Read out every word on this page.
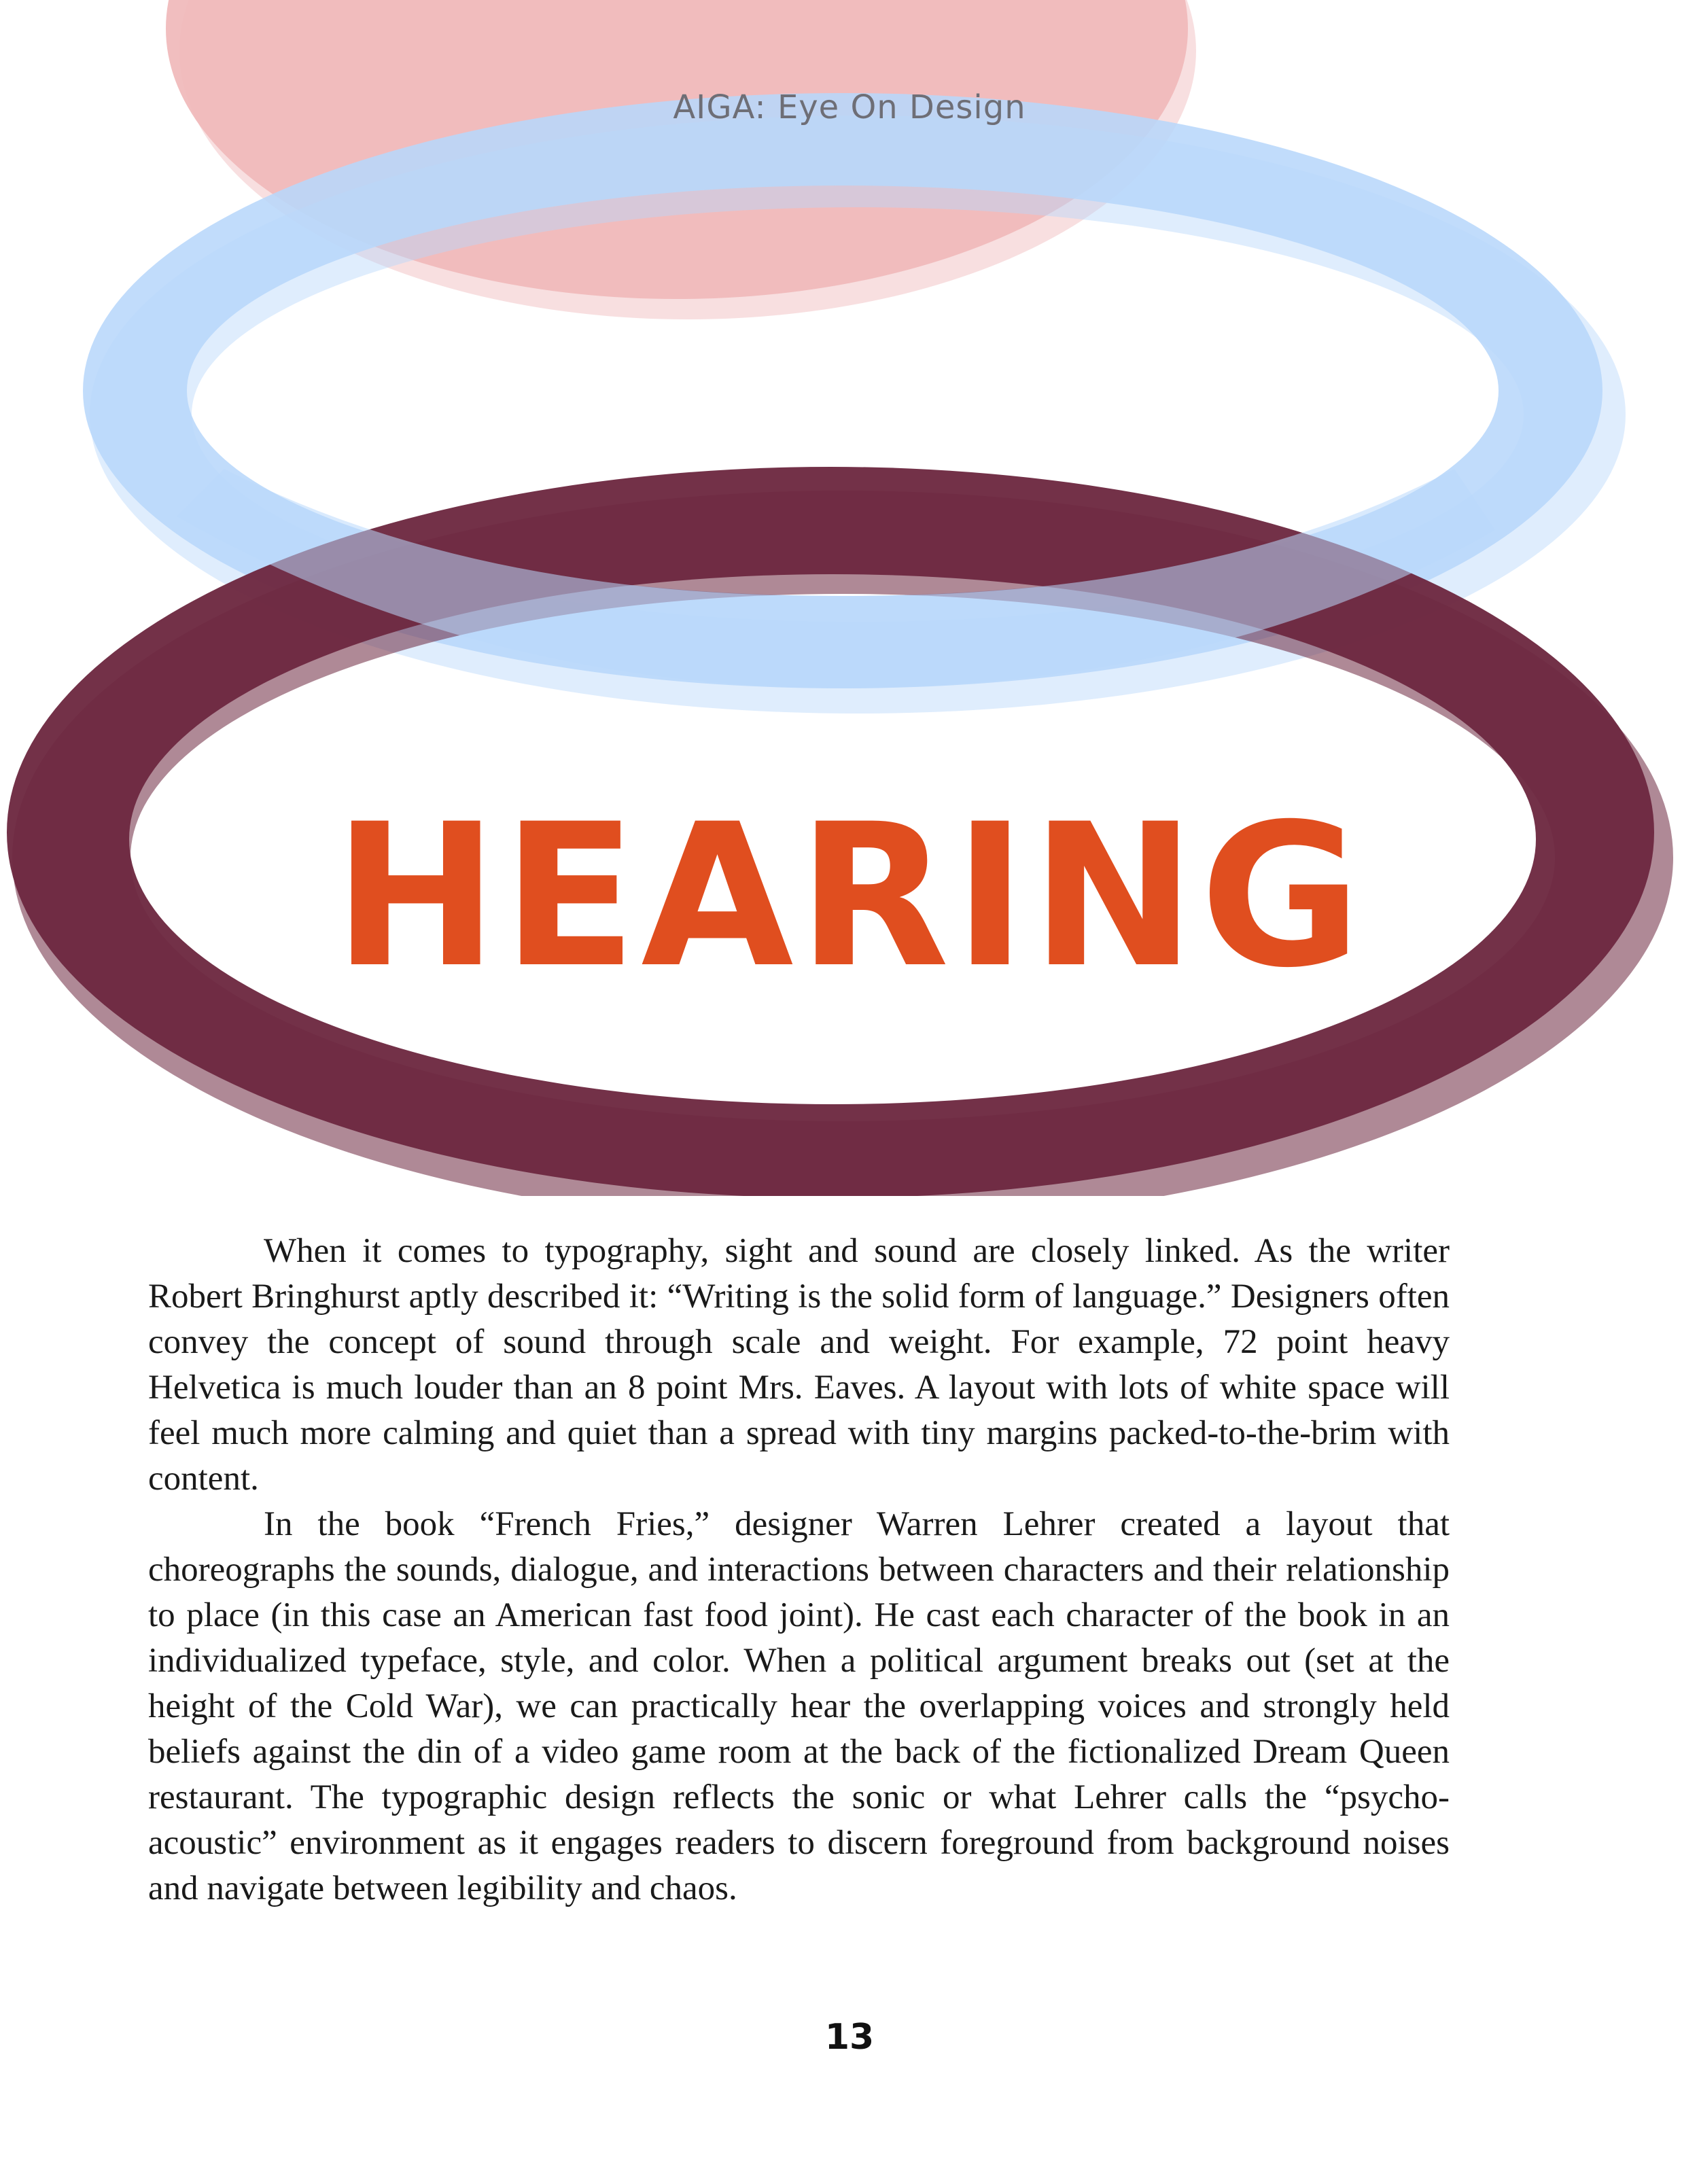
AIGA: Eye On Design
HEARING

When it comes to typography, sight and sound are closely linked. As the writer Robert Bringhurst aptly described it: “Writing is the solid form of language.” Designers often convey the concept of sound through scale and weight. For example, 72 point heavy Helvetica is much louder than an 8 point Mrs. Eaves. A layout with lots of white space will feel much more calming and quiet than a spread with tiny margins packed-to-the-brim with content.

In the book “French Fries,” designer Warren Lehrer created a layout that choreographs the sounds, dialogue, and interactions between characters and their relationship to place (in this case an American fast food joint). He cast each character of the book in an individualized typeface, style, and color. When a political argument breaks out (set at the height of the Cold War), we can practically hear the overlapping voices and strongly held beliefs against the din of a video game room at the back of the fictionalized Dream Queen restaurant. The typographic design reflects the sonic or what Lehrer calls the “psycho-acoustic” environment as it engages readers to discern foreground from background noises and navigate between legibility and chaos.

13
